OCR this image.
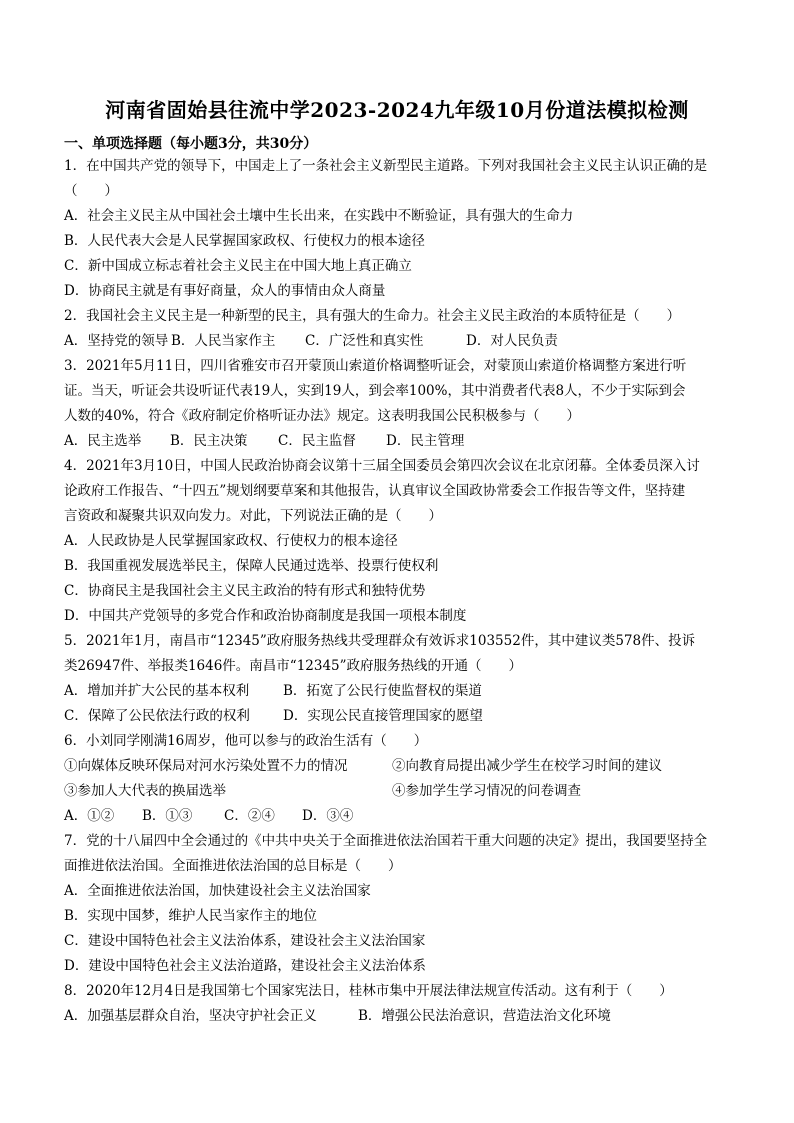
河南省固始县往流中学2023-2024九年级10月份道法模拟检测
一、单项选择题（每小题3分，共30分）
1．在中国共产党的领导下，中国走上了一条社会主义新型民主道路。下列对我国社会主义民主认识正确的是
（　　）
A．社会主义民主从中国社会土壤中生长出来，在实践中不断验证，具有强大的生命力
B．人民代表大会是人民掌握国家政权、行使权力的根本途径
C．新中国成立标志着社会主义民主在中国大地上真正确立
D．协商民主就是有事好商量，众人的事情由众人商量
2．我国社会主义民主是一种新型的民主，具有强大的生命力。社会主义民主政治的本质特征是（　　）
A．坚持党的领导 B．人民当家作主 C．广泛性和真实性	D．对人民负责
3．2021年5月11日，四川省雅安市召开蒙顶山索道价格调整听证会，对蒙顶山索道价格调整方案进行听
证。当天，听证会共设听证代表19人，实到19人，到会率100%，其中消费者代表8人，不少于实际到会
人数的40%，符合《政府制定价格听证办法》规定。这表明我国公民积极参与（　　）
A．民主选举 B．民主决策 C．民主监督 D．民主管理
4．2021年3月10日，中国人民政治协商会议第十三届全国委员会第四次会议在北京闭幕。全体委员深入讨
论政府工作报告、“十四五”规划纲要草案和其他报告，认真审议全国政协常委会工作报告等文件，坚持建
言资政和凝聚共识双向发力。对此，下列说法正确的是（　　）
A．人民政协是人民掌握国家政权、行使权力的根本途径
B．我国重视发展选举民主，保障人民通过选举、投票行使权利
C．协商民主是我国社会主义民主政治的特有形式和独特优势
D．中国共产党领导的多党合作和政治协商制度是我国一项根本制度
5．2021年1月，南昌市“12345”政府服务热线共受理群众有效诉求103552件，其中建议类578件、投诉
类26947件、举报类1646件。南昌市“12345”政府服务热线的开通（　　）
A．增加并扩大公民的基本权利	B．拓宽了公民行使监督权的渠道
C．保障了公民依法行政的权利 D．实现公民直接管理国家的愿望
6．小刘同学刚满16周岁，他可以参与的政治生活有（　　）
①向媒体反映环保局对河水污染处置不力的情况	②向教育局提出减少学生在校学习时间的建议
③参加人大代表的换届选举	④参加学生学习情况的问卷调查
A．①② B．①③ C．②④ D．③④
7．党的十八届四中全会通过的《中共中央关于全面推进依法治国若干重大问题的决定》提出，我国要坚持全
面推进依法治国。全面推进依法治国的总目标是（　　）
A．全面推进依法治国，加快建设社会主义法治国家
B．实现中国梦，维护人民当家作主的地位
C．建设中国特色社会主义法治体系，建设社会主义法治国家
D．建设中国特色社会主义法治道路，建设社会主义法治体系
8．2020年12月4日是我国第七个国家宪法日，桂林市集中开展法律法规宣传活动。这有利于（　　）
A．加强基层群众自治，坚决守护社会正义	B．增强公民法治意识，营造法治文化环境
